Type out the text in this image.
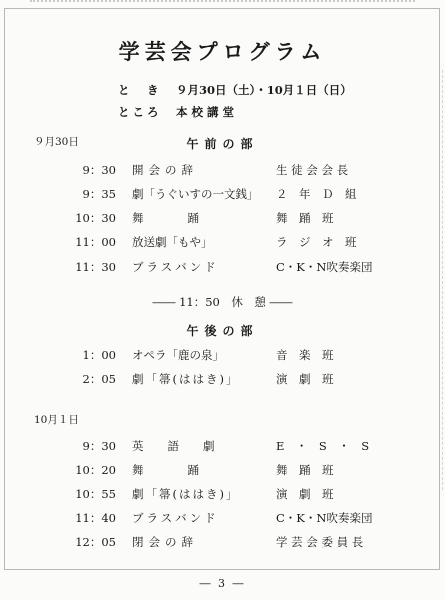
学芸会プログラム
と　き ９月30日（土）・10月１日（日）
ところ 本校講堂
９月30日	午前の部
9：30 開会の辞	生 徒 会 会 長
9：35 劇「うぐいすの一文銭」 ２　年　Ｄ　組
10：30 舞踊	舞　踊　班
11：00 放送劇「もや」	ラ　ジ　オ　班
11：30 ブラスバンド	C・K・N吹奏楽団
―― 11：50　休　憩 ――
午後の部
1：00 オペラ「鹿の泉」	音　楽　班
2：05 劇「箒(ははき)」	演　劇　班
10月１日
9：30 英語劇	E　・　S　・　S
10：20 舞踊	舞　踊　班
10：55 劇「箒(ははき)」	演　劇　班
11：40 ブラスバンド	C・K・N吹奏楽団
12：05 閉会の辞	学 芸 会 委 員 長
― 3 ―
